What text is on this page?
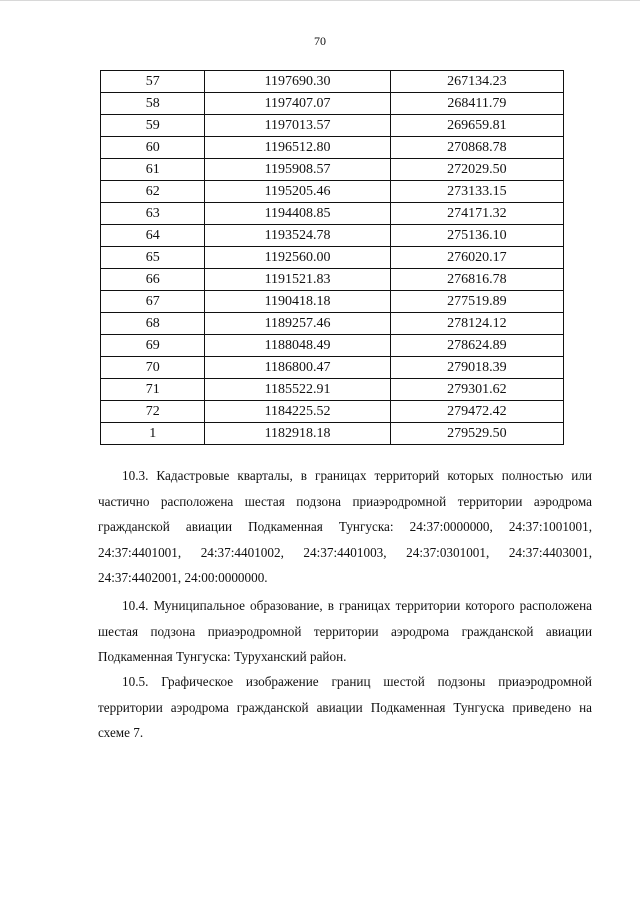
70
57	1197690.30	267134.23
58	1197407.07	268411.79
59	1197013.57	269659.81
60	1196512.80	270868.78
61	1195908.57	272029.50
62	1195205.46	273133.15
63	1194408.85	274171.32
64	1193524.78	275136.10
65	1192560.00	276020.17
66	1191521.83	276816.78
67	1190418.18	277519.89
68	1189257.46	278124.12
69	1188048.49	278624.89
70	1186800.47	279018.39
71	1185522.91	279301.62
72	1184225.52	279472.42
1	1182918.18	279529.50

10.3. Кадастровые кварталы, в границах территорий которых полностью или частично расположена шестая подзона приаэродромной территории аэродрома гражданской авиации Подкаменная Тунгуска: 24:37:0000000, 24:37:1001001, 24:37:4401001, 24:37:4401002, 24:37:4401003, 24:37:0301001, 24:37:4403001, 24:37:4402001, 24:00:0000000.

10.4. Муниципальное образование, в границах территории которого расположена шестая подзона приаэродромной территории аэродрома гражданской авиации Подкаменная Тунгуска: Туруханский район.

10.5. Графическое изображение границ шестой подзоны приаэродромной территории аэродрома гражданской авиации Подкаменная Тунгуска приведено на схеме 7.
